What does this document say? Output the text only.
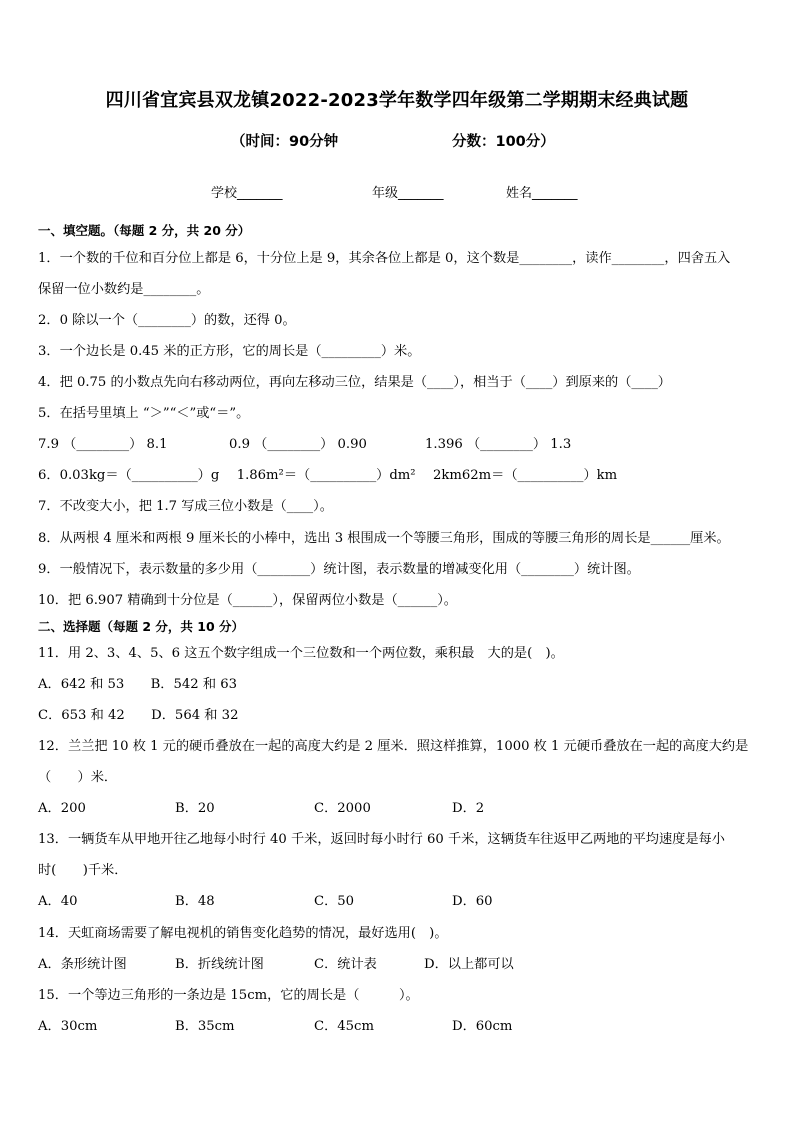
四川省宜宾县双龙镇2022-2023学年数学四年级第二学期期末经典试题
（时间：90分钟	分数：100分）
学校_______	年级_______	姓名_______
一、填空题。（每题 2 分，共 20 分）
1．一个数的千位和百分位上都是 6，十分位上是 9，其余各位上都是 0，这个数是________，读作________，四舍五入
保留一位小数约是________。
2．0 除以一个（________）的数，还得 0。
3．一个边长是 0.45 米的正方形，它的周长是（_________）米。
4．把 0.75 的小数点先向右移动两位，再向左移动三位，结果是（____），相当于（____）到原来的（____）
5．在括号里填上 “＞”“＜”或“＝”。
7.9 （________） 8.1	0.9 （________） 0.90	1.396 （________） 1.3
6．0.03kg＝（__________）g　 1.86m²＝（__________）dm²　 2km62m＝（__________）km
7．不改变大小，把 1.7 写成三位小数是（____）。
8．从两根 4 厘米和两根 9 厘米长的小棒中，选出 3 根围成一个等腰三角形，围成的等腰三角形的周长是______厘米。
9．一般情况下，表示数量的多少用（________）统计图，表示数量的增减变化用（________）统计图。
10．把 6.907 精确到十分位是（______），保留两位小数是（______）。
二、选择题（每题 2 分，共 10 分）
11．用 2、3、4、5、6 这五个数字组成一个三位数和一个两位数，乘积最　大的是(　)。
A．642 和 53　　B．542 和 63
C．653 和 42　　D．564 和 32
12．兰兰把 10 枚 1 元的硬币叠放在一起的高度大约是 2 厘米．照这样推算，1000 枚 1 元硬币叠放在一起的高度大约是
（　　）米．
A．200	B．20	C．2000	D．2
13．一辆货车从甲地开往乙地每小时行 40 千米，返回时每小时行 60 千米，这辆货车往返甲乙两地的平均速度是每小
时(　　)千米．
A．40	B．48	C．50	D．60
14．天虹商场需要了解电视机的销售变化趋势的情况，最好选用(　)。
A．条形统计图	B．折线统计图	C．统计表	D．以上都可以
15．一个等边三角形的一条边是 15cm，它的周长是（　　　）。
A．30cm	B．35cm	C．45cm	D．60cm
